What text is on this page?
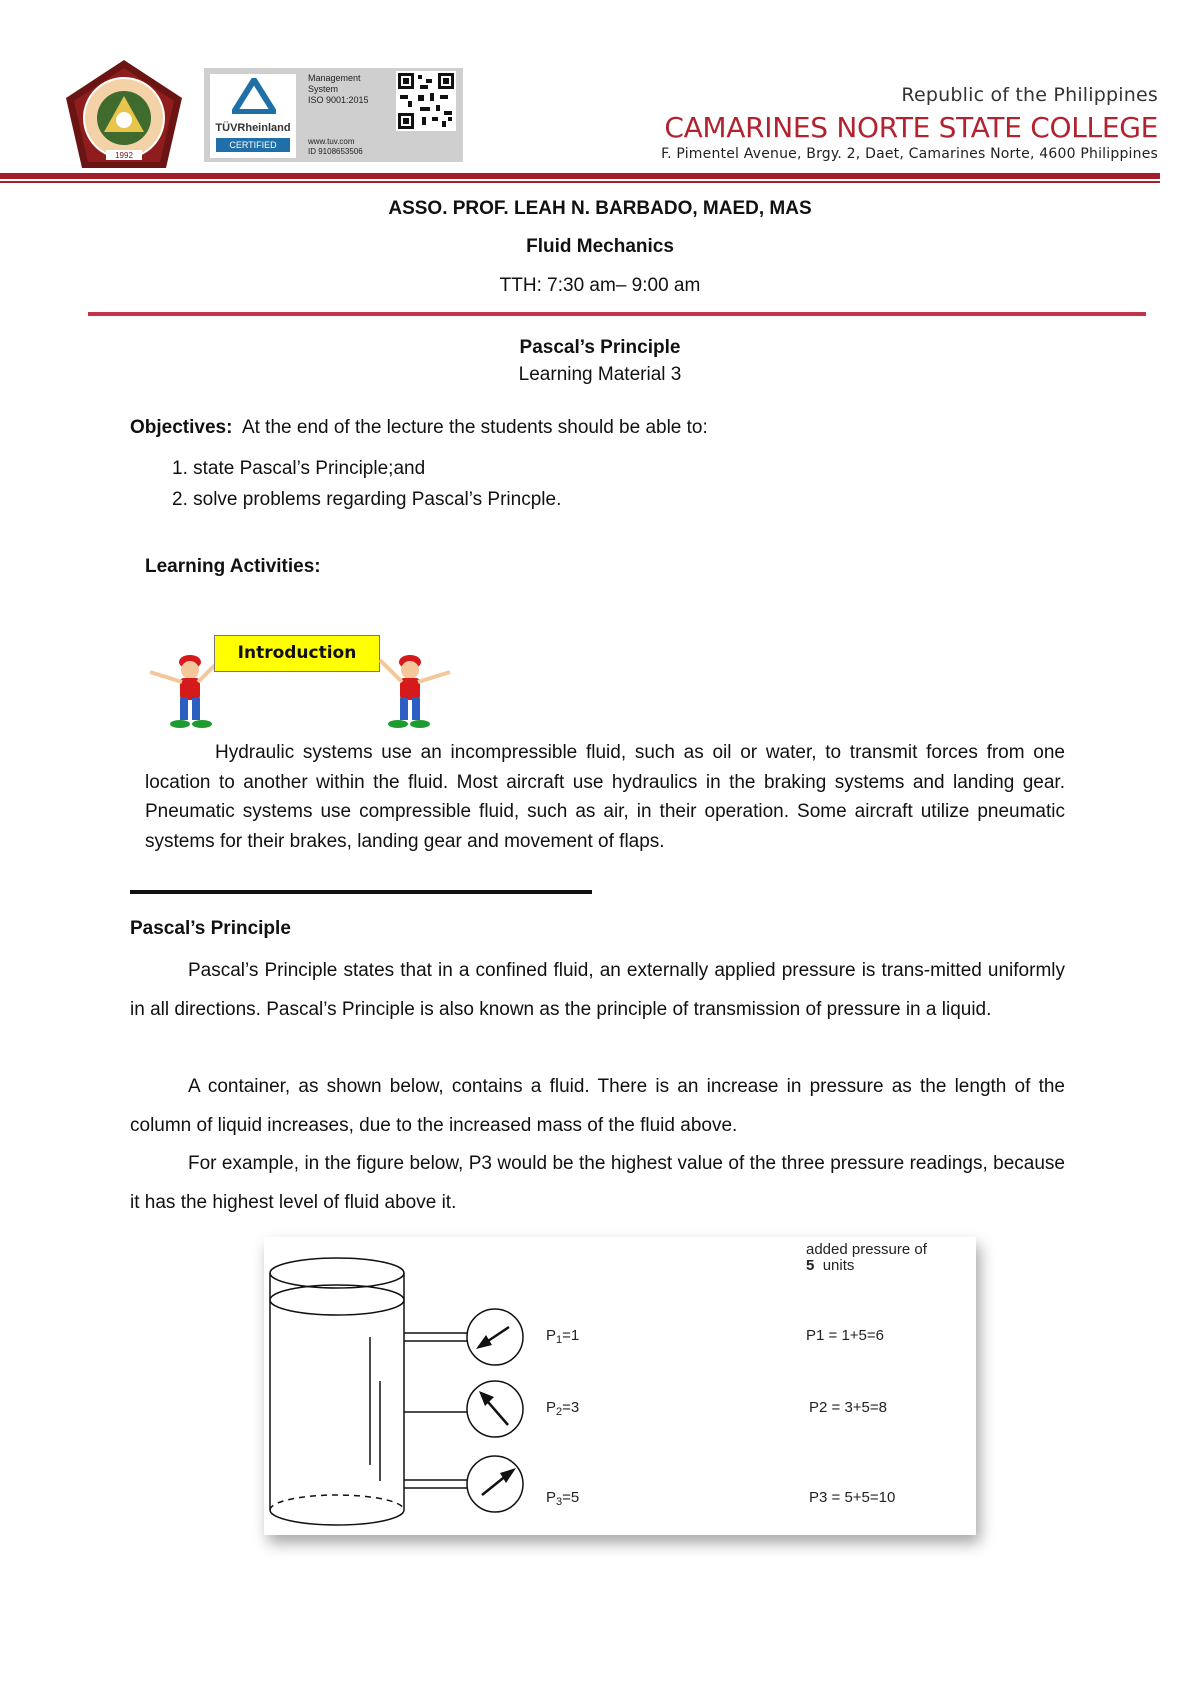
1992
TÜVRheinland
CERTIFIED
Management System
ISO 9001:2015
www.tuv.com
ID 9108653506
Republic of the Philippines
CAMARINES NORTE STATE COLLEGE
F. Pimentel Avenue, Brgy. 2, Daet, Camarines Norte, 4600 Philippines
ASSO. PROF. LEAH N. BARBADO, MAED, MAS
Fluid Mechanics
TTH: 7:30 am– 9:00 am
Pascal’s Principle
Learning Material 3
Objectives: At the end of the lecture the students should be able to:
1. state Pascal’s Principle;and
2. solve problems regarding Pascal’s Princple.
Learning Activities:
Introduction
Hydraulic systems use an incompressible fluid, such as oil or water, to transmit forces from one location to another within the fluid. Most aircraft use hydraulics in the braking systems and landing gear. Pneumatic systems use compressible fluid, such as air, in their operation. Some aircraft utilize pneumatic systems for their brakes, landing gear and movement of flaps.
Pascal’s Principle
Pascal’s Principle states that in a confined fluid, an externally applied pressure is trans-mitted uniformly in all directions. Pascal’s Principle is also known as the principle of transmission of pressure in a liquid.
A container, as shown below, contains a fluid. There is an increase in pressure as the length of the column of liquid increases, due to the increased mass of the fluid above.
For example, in the figure below, P3 would be the highest value of the three pressure readings, because it has the highest level of fluid above it.
added pressure of
5 units
$P_1=1$
$P_2=3$
$P_3=5$
P1 = 1+5=6
P2 = 3+5=8
P3 = 5+5=10
